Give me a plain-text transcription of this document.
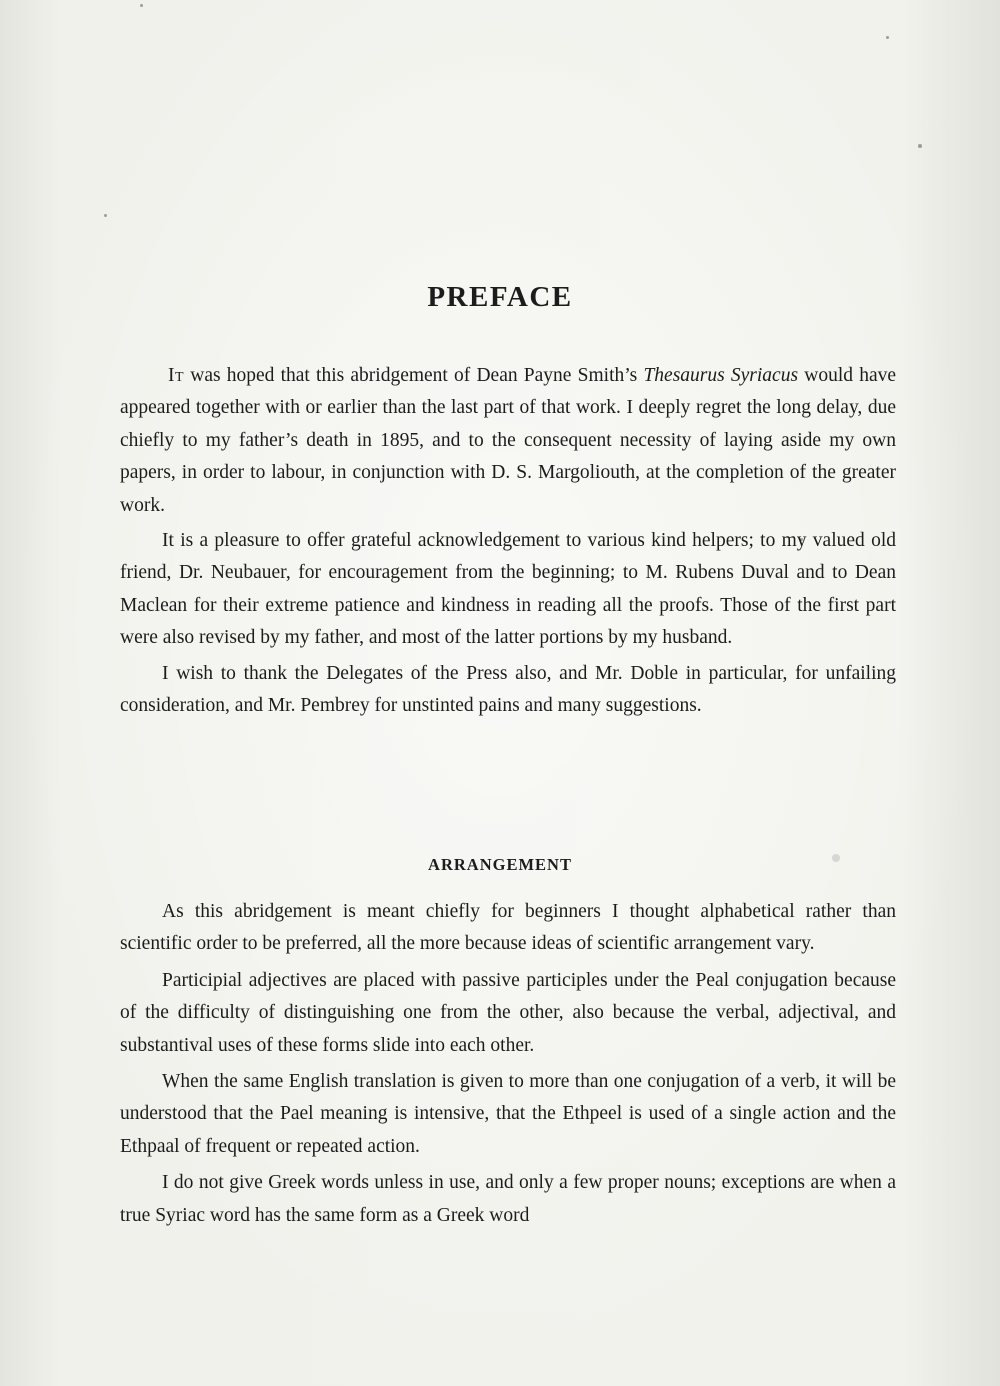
PREFACE

It was hoped that this abridgement of Dean Payne Smith’s Thesaurus Syriacus would have appeared together with or earlier than the last part of that work. I deeply regret the long delay, due chiefly to my father’s death in 1895, and to the consequent necessity of laying aside my own papers, in order to labour, in conjunction with D. S. Margoliouth, at the completion of the greater work.

It is a pleasure to offer grateful acknowledgement to various kind helpers; to my valued old friend, Dr. Neubauer, for encouragement from the beginning; to M. Rubens Duval and to Dean Maclean for their extreme patience and kindness in reading all the proofs. Those of the first part were also revised by my father, and most of the latter portions by my husband.

I wish to thank the Delegates of the Press also, and Mr. Doble in particular, for unfailing consideration, and Mr. Pembrey for unstinted pains and many suggestions.

ARRANGEMENT

As this abridgement is meant chiefly for beginners I thought alphabetical rather than scientific order to be preferred, all the more because ideas of scientific arrangement vary.

Participial adjectives are placed with passive participles under the Peal conjugation because of the difficulty of distinguishing one from the other, also because the verbal, adjectival, and substantival uses of these forms slide into each other.

When the same English translation is given to more than one conjugation of a verb, it will be understood that the Pael meaning is intensive, that the Ethpeel is used of a single action and the Ethpaal of frequent or repeated action.

I do not give Greek words unless in use, and only a few proper nouns; exceptions are when a true Syriac word has the same form as a Greek word
